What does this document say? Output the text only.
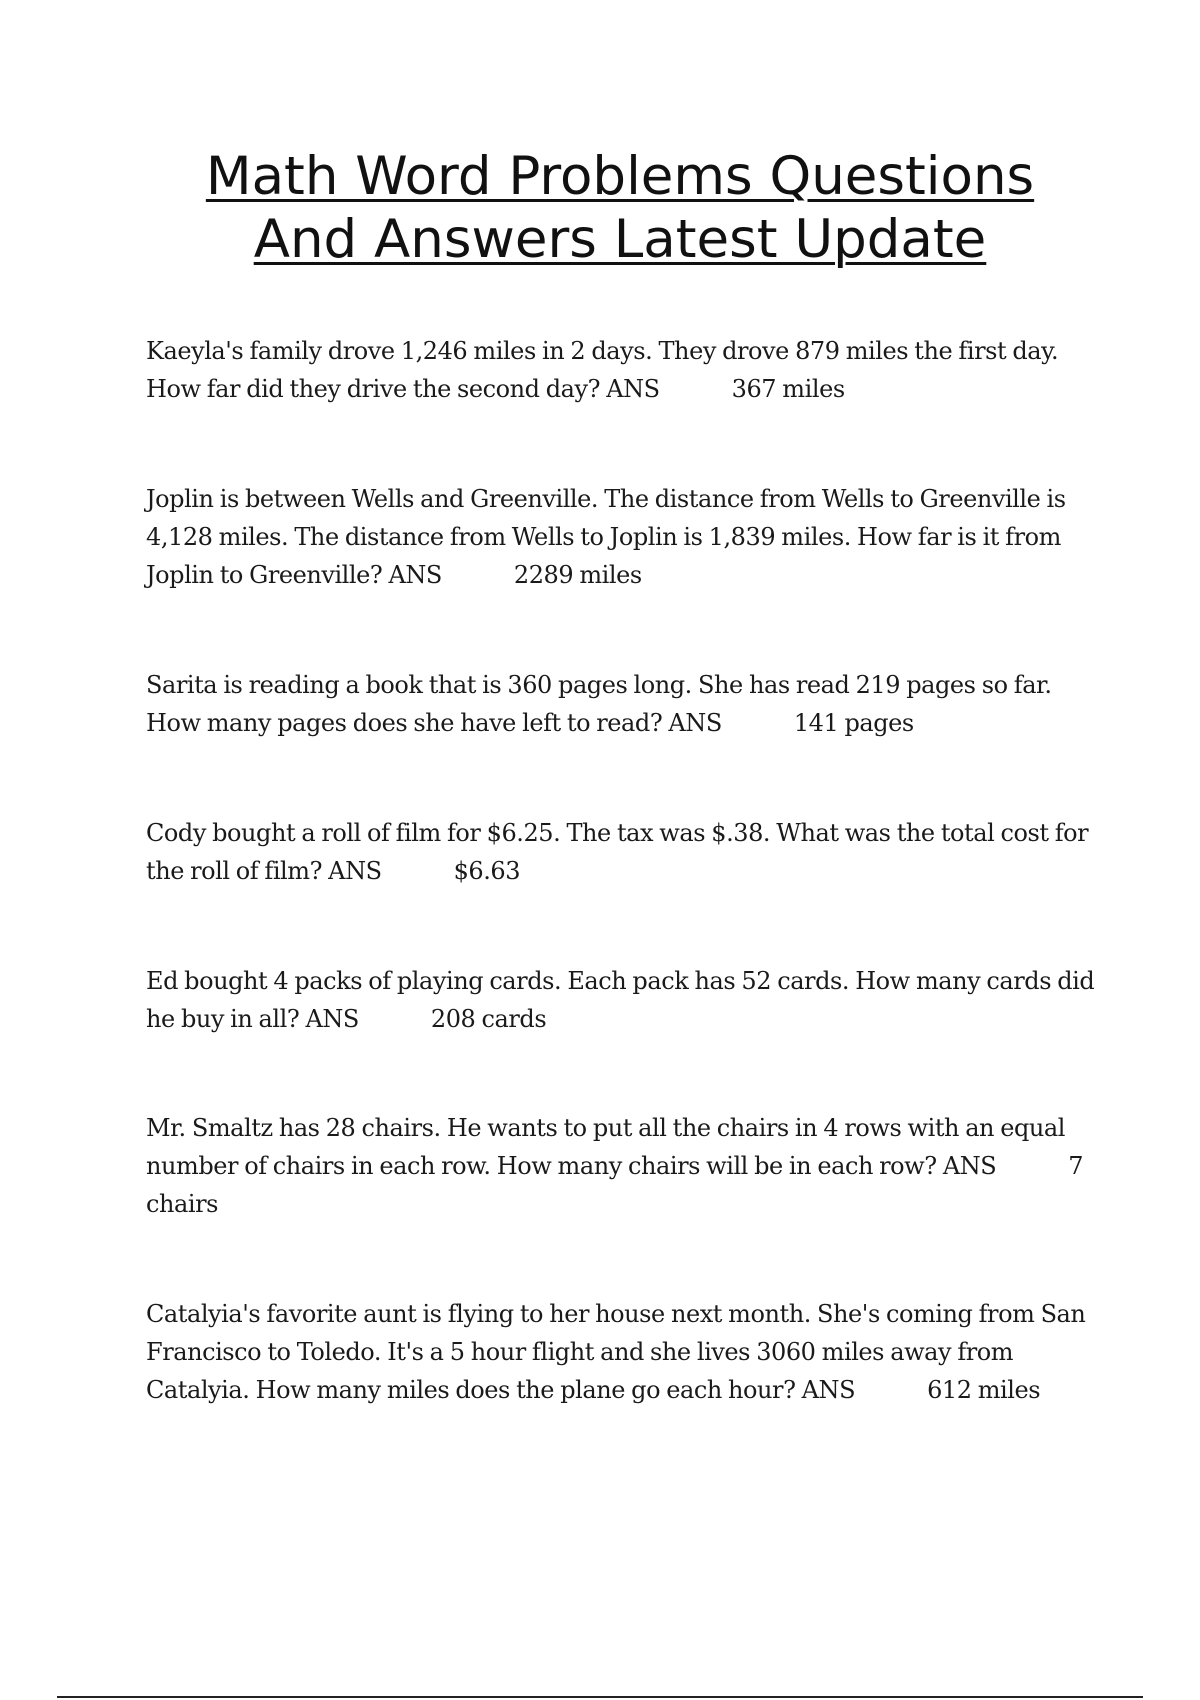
Math Word Problems Questions
And Answers Latest Update

Kaeyla's family drove 1,246 miles in 2 days. They drove 879 miles the first day. How far did they drive the second day? ANS	367 miles

Joplin is between Wells and Greenville. The distance from Wells to Greenville is 4,128 miles. The distance from Wells to Joplin is 1,839 miles. How far is it from Joplin to Greenville? ANS	2289 miles

Sarita is reading a book that is 360 pages long. She has read 219 pages so far. How many pages does she have left to read? ANS	141 pages

Cody bought a roll of film for $6.25. The tax was $.38. What was the total cost for the roll of film? ANS	$6.63

Ed bought 4 packs of playing cards. Each pack has 52 cards. How many cards did he buy in all? ANS	208 cards

Mr. Smaltz has 28 chairs. He wants to put all the chairs in 4 rows with an equal number of chairs in each row. How many chairs will be in each row? ANS	7 chairs

Catalyia's favorite aunt is flying to her house next month. She's coming from San Francisco to Toledo. It's a 5 hour flight and she lives 3060 miles away from Catalyia. How many miles does the plane go each hour? ANS	612 miles
